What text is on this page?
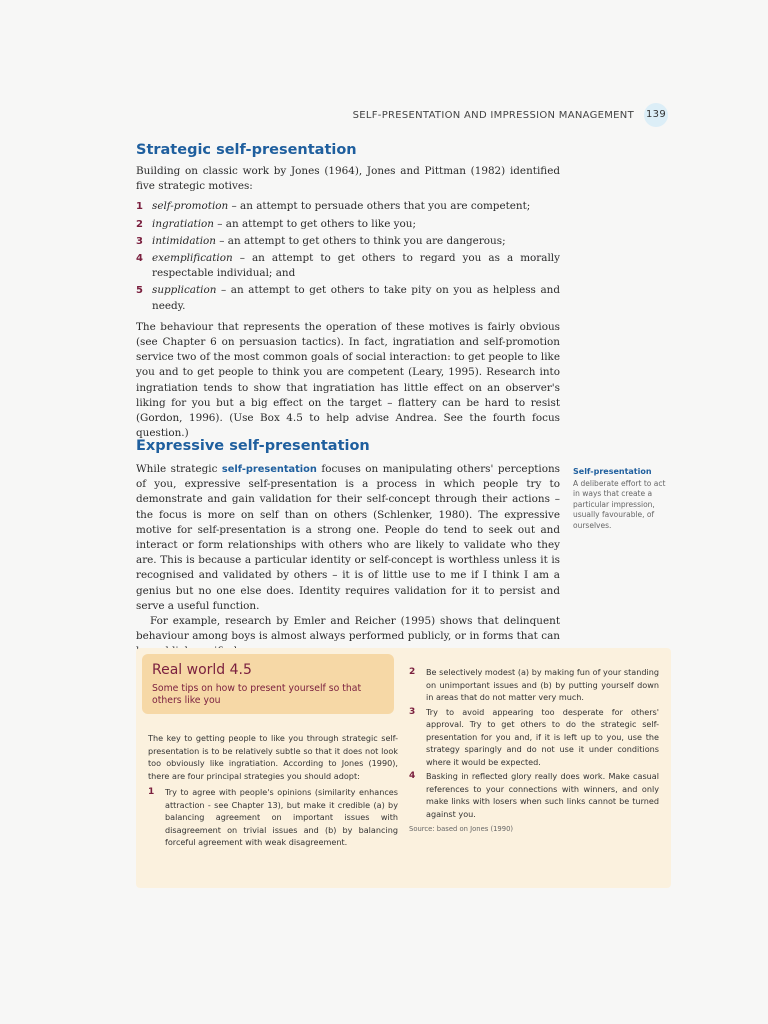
SELF-PRESENTATION AND IMPRESSION MANAGEMENT 139
Strategic self-presentation

Building on classic work by Jones (1964), Jones and Pittman (1982) identified five strategic motives:

1 self-promotion – an attempt to persuade others that you are competent;
2 ingratiation – an attempt to get others to like you;
3 intimidation – an attempt to get others to think you are dangerous;
4 exemplification – an attempt to get others to regard you as a morally respectable individual; and
5 supplication – an attempt to get others to take pity on you as helpless and needy.

The behaviour that represents the operation of these motives is fairly obvious (see Chapter 6 on persuasion tactics). In fact, ingratiation and self-promotion service two of the most common goals of social interaction: to get people to like you and to get people to think you are competent (Leary, 1995). Research into ingratiation tends to show that ingratiation has little effect on an observer's liking for you but a big effect on the target – flattery can be hard to resist (Gordon, 1996). (Use Box 4.5 to help advise Andrea. See the fourth focus question.)

Expressive self-presentation

While strategic self-presentation focuses on manipulating others' perceptions of you, expressive self-presentation is a process in which people try to demonstrate and gain validation for their self-concept through their actions – the focus is more on self than on others (Schlenker, 1980). The expressive motive for self-presentation is a strong one. People do tend to seek out and interact or form relationships with others who are likely to validate who they are. This is because a particular identity or self-concept is worthless unless it is recognised and validated by others – it is of little use to me if I think I am a genius but no one else does. Identity requires validation for it to persist and serve a useful function.

For example, research by Emler and Reicher (1995) shows that delinquent behaviour among boys is almost always performed publicly, or in forms that can

Self-presentation
A deliberate effort to act in ways that create a particular impression, usually favourable, of ourselves.
Real world 4.5
Some tips on how to present yourself so that others like you
The key to getting people to like you through strategic self-presentation is to be relatively subtle so that it does not look too obviously like ingratiation. According to Jones (1990), there are four principal strategies you should adopt:
1 Try to agree with people's opinions (similarity enhances attraction - see Chapter 13), but make it credible (a) by balancing agreement on important issues with disagreement on trivial issues and (b) by balancing forceful agreement with weak disagreement.
2 Be selectively modest (a) by making fun of your standing on unimportant issues and (b) by putting yourself down in areas that do not matter very much.
3 Try to avoid appearing too desperate for others' approval. Try to get others to do the strategic self-presentation for you and, if it is left up to you, use the strategy sparingly and do not use it under conditions where it would be expected.
4 Basking in reflected glory really does work. Make casual references to your connections with winners, and only make links with losers when such links cannot be turned against you.
Source: based on Jones (1990)
